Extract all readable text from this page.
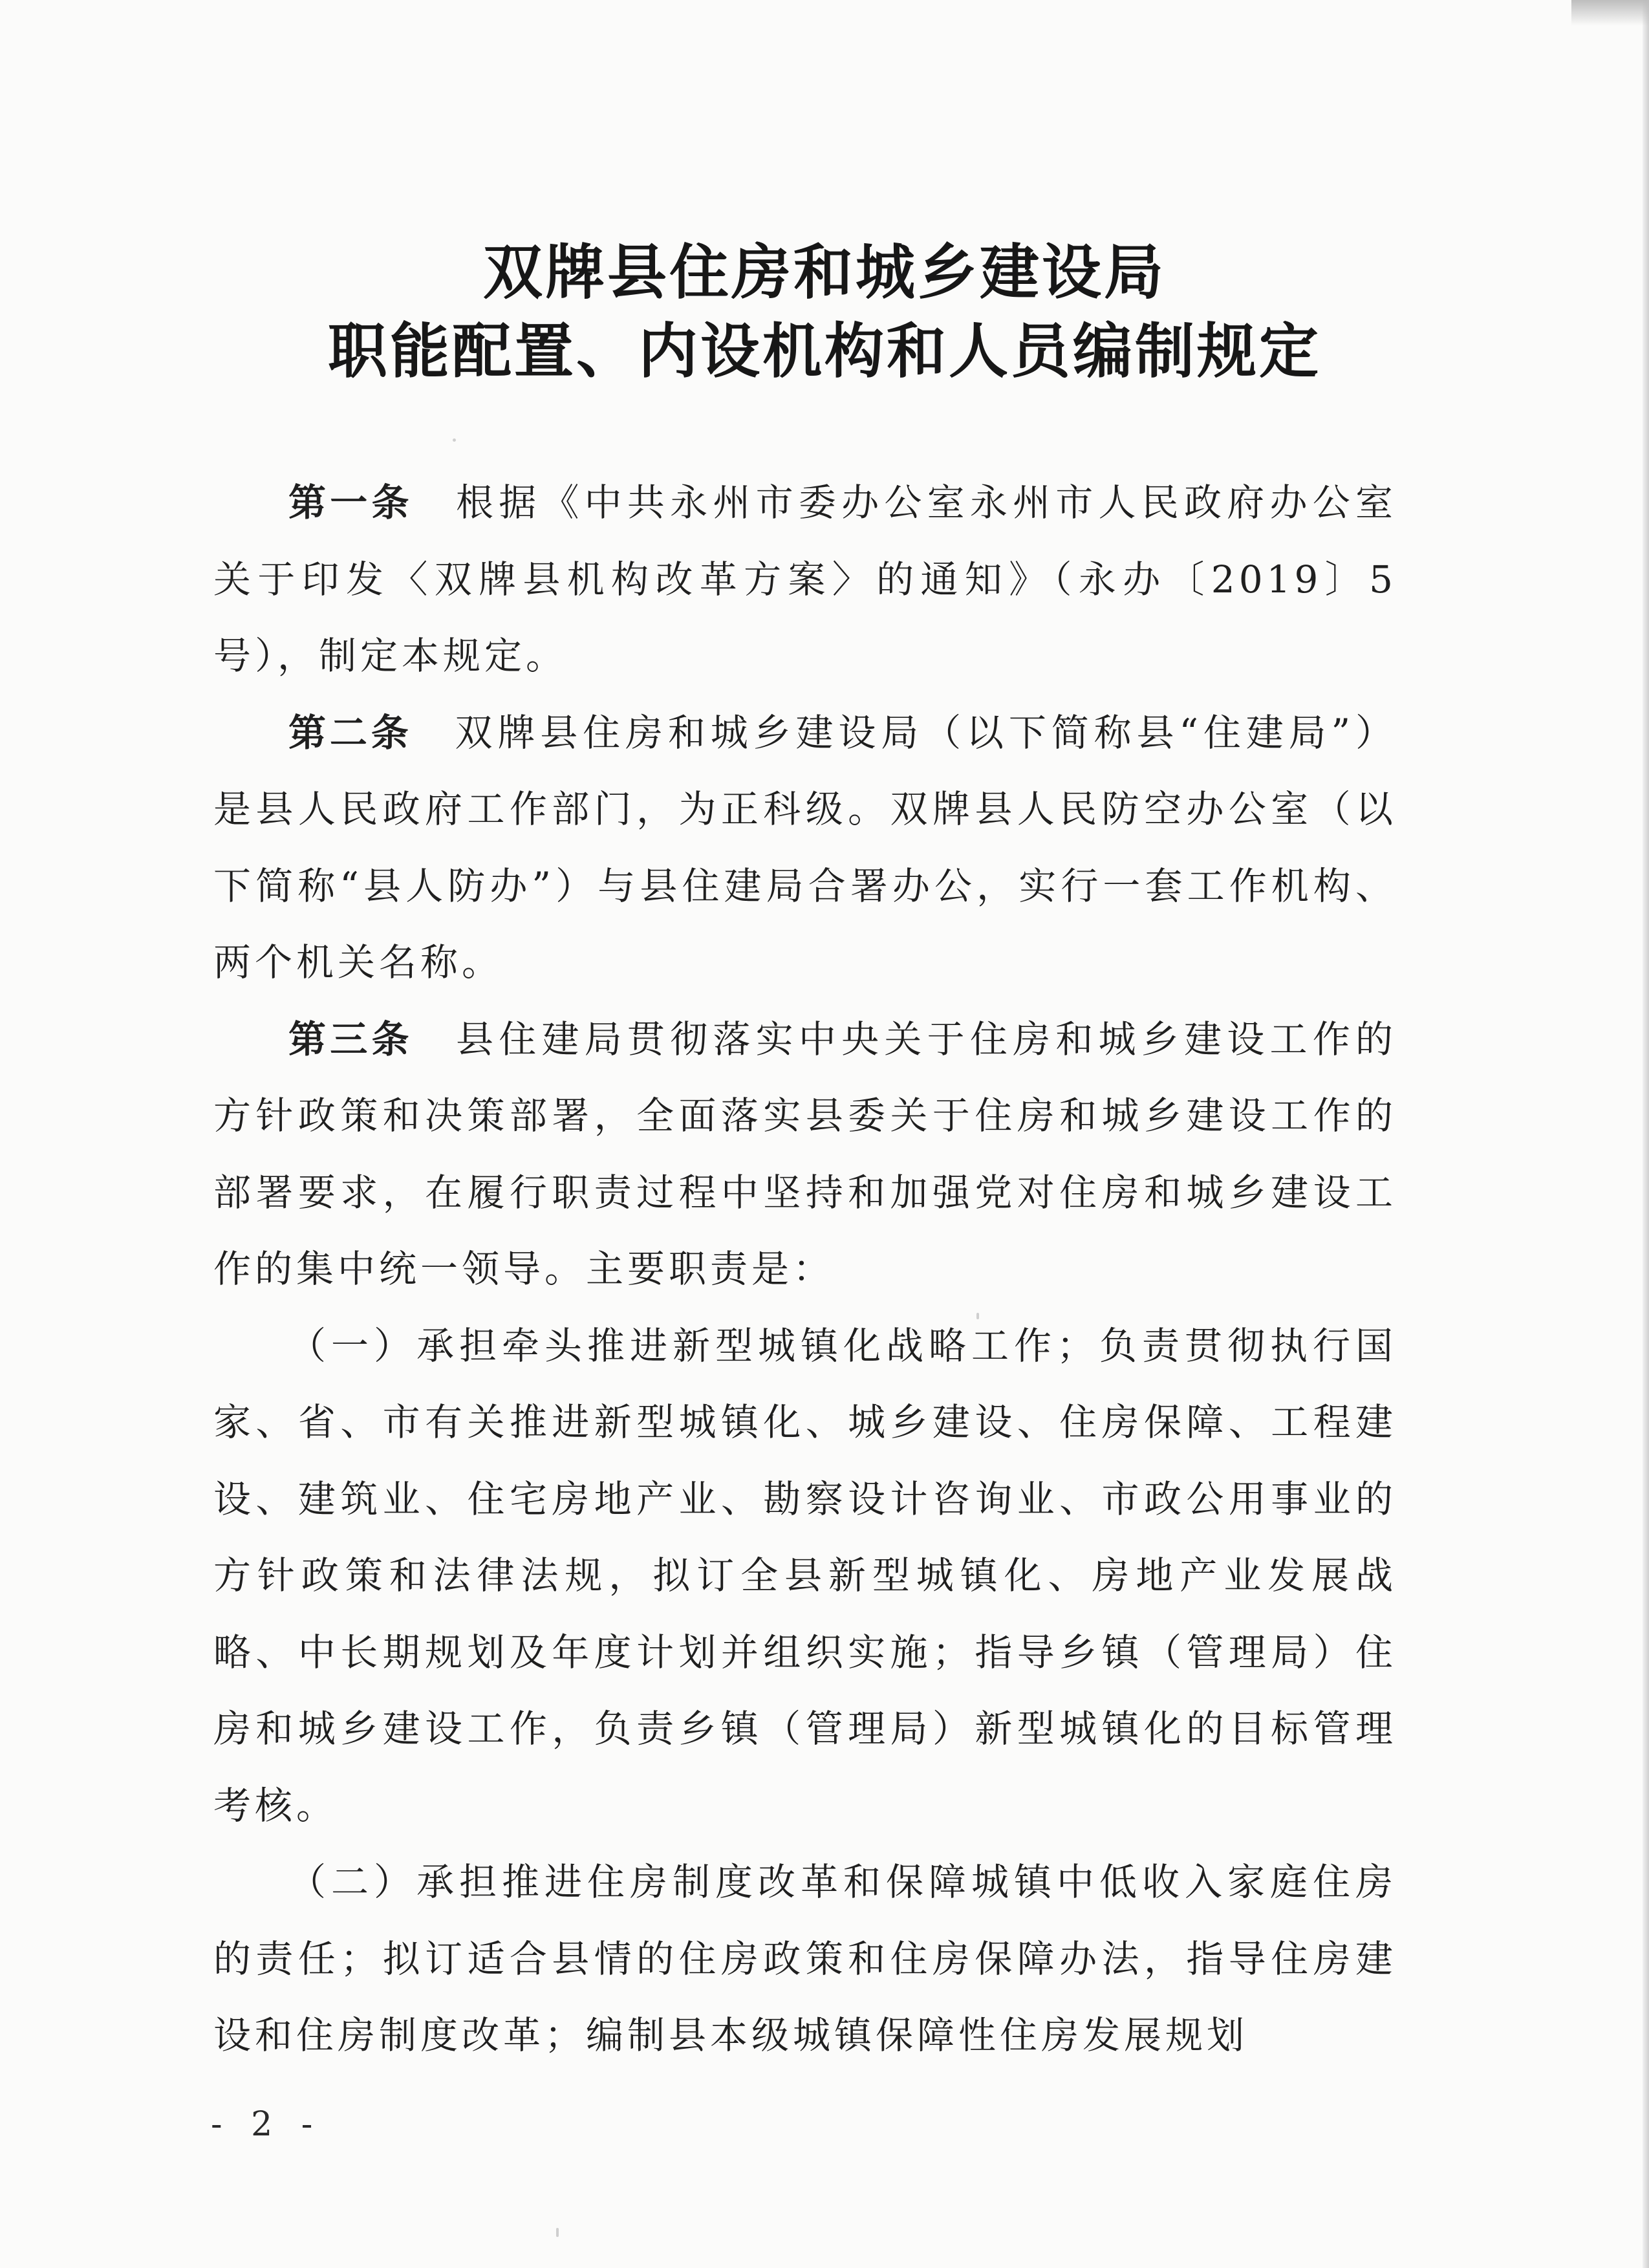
双牌县住房和城乡建设局
职能配置、内设机构和人员编制规定

第一条　 根据《中共永州市委办公室永州市人民政府办公室关于印发〈双牌县机构改革方案〉的通知》（永办〔2019〕5号），制定本规定。

第二条　 双牌县住房和城乡建设局（以下简称县“住建局”）是县人民政府工作部门，为正科级。双牌县人民防空办公室（以下简称“县人防办”）与县住建局合署办公，实行一套工作机构、两个机关名称。

第三条　 县住建局贯彻落实中央关于住房和城乡建设工作的方针政策和决策部署，全面落实县委关于住房和城乡建设工作的部署要求，在履行职责过程中坚持和加强党对住房和城乡建设工作的集中统一领导。主要职责是：

（一）承担牵头推进新型城镇化战略工作；负责贯彻执行国家、省、市有关推进新型城镇化、城乡建设、住房保障、工程建设、建筑业、住宅房地产业、勘察设计咨询业、市政公用事业的方针政策和法律法规，拟订全县新型城镇化、房地产业发展战略、中长期规划及年度计划并组织实施；指导乡镇（管理局）住房和城乡建设工作，负责乡镇（管理局）新型城镇化的目标管理考核。

（二）承担推进住房制度改革和保障城镇中低收入家庭住房的责任；拟订适合县情的住房政策和住房保障办法，指导住房建设和住房制度改革；编制县本级城镇保障性住房发展规划

- 2 -
